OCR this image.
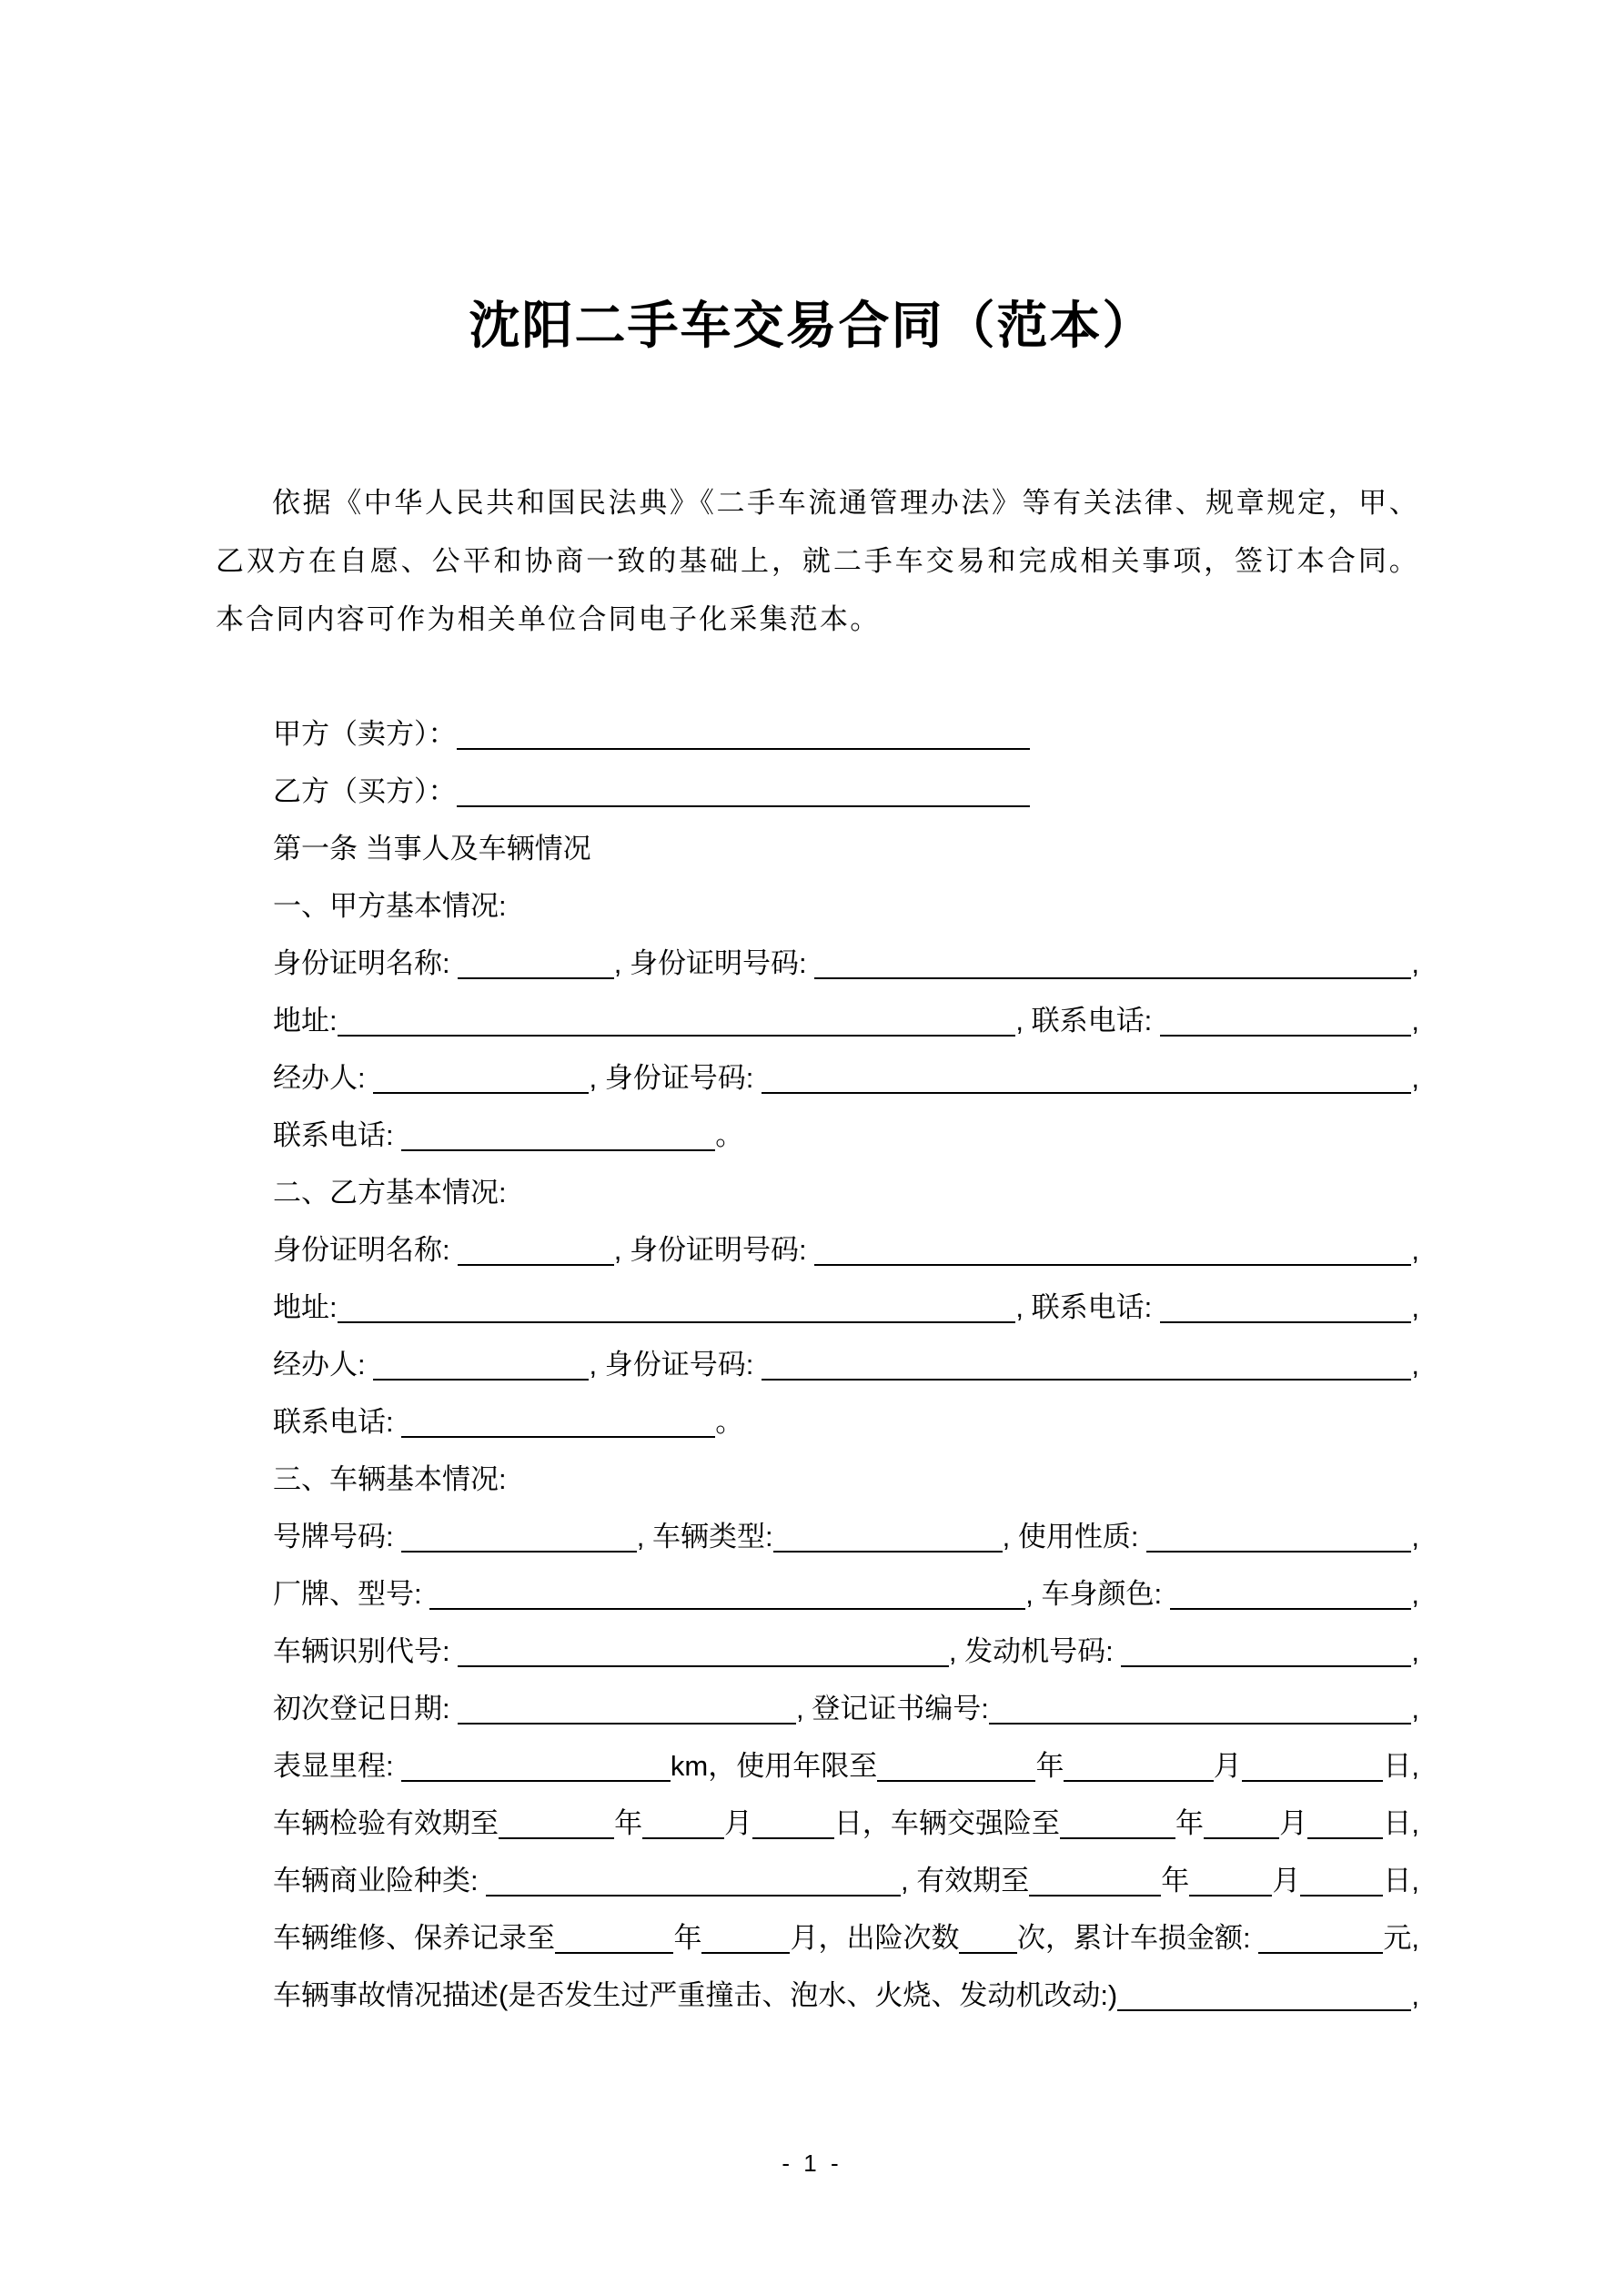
沈阳二手车交易合同（范本）

依据《中华人民共和国民法典》《二手车流通管理办法》等有关法律、规章规定，甲、乙双方在自愿、公平和协商一致的基础上，就二手车交易和完成相关事项，签订本合同。本合同内容可作为相关单位合同电子化采集范本。

甲方（卖方）：
乙方（买方）：
第一条 当事人及车辆情况
一、甲方基本情况:
身份证明名称:	, 身份证明号码:	,
地址:	, 联系电话:	,
经办人:	, 身份证号码:	,
联系电话:	。
二、乙方基本情况:
身份证明名称:	, 身份证明号码:	,
地址:	, 联系电话:	,
经办人:	, 身份证号码:	,
联系电话:	。
三、车辆基本情况:
号牌号码:	, 车辆类型:	, 使用性质:	,
厂牌、型号:	, 车身颜色:	,
车辆识别代号:	, 发动机号码:	,
初次登记日期:	, 登记证书编号:	,
表显里程:	km，使用年限至	年	月	日,
车辆检验有效期至	年	月	日，车辆交强险至	年	月	日,
车辆商业险种类:	, 有效期至	年	月	日,
车辆维修、保养记录至	年	月，出险次数 次，累计车损金额:	元,
车辆事故情况描述(是否发生过严重撞击、泡水、火烧、发动机改动:)	,
- 1 -
